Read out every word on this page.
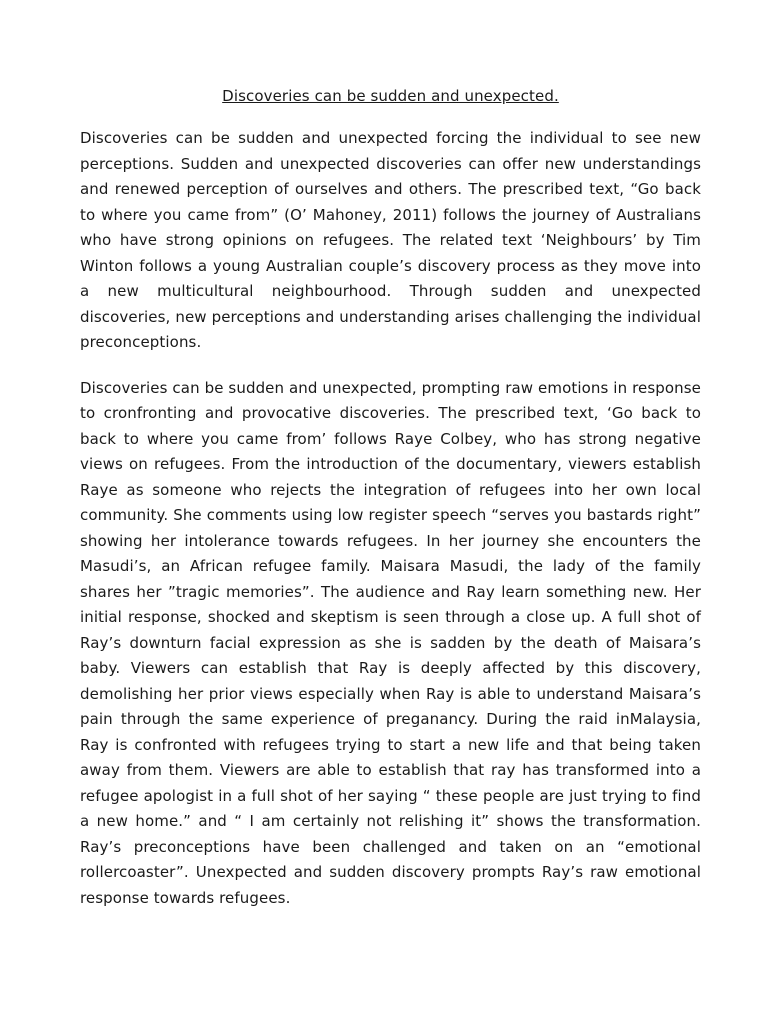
Discoveries can be sudden and unexpected.

Discoveries can be sudden and unexpected forcing the individual to see new perceptions. Sudden and unexpected discoveries can offer new understandings and renewed perception of ourselves and others. The prescribed text, “Go back to where you came from” (O’ Mahoney, 2011) follows the journey of Australians who have strong opinions on refugees. The related text ‘Neighbours’ by Tim Winton follows a young Australian couple’s discovery process as they move into a new multicultural neighbourhood. Through sudden and unexpected discoveries, new perceptions and understanding arises challenging the individual preconceptions.

Discoveries can be sudden and unexpected, prompting raw emotions in response to cronfronting and provocative discoveries. The prescribed text, ‘Go back to back to where you came from’ follows Raye Colbey, who has strong negative views on refugees. From the introduction of the documentary, viewers establish Raye as someone who rejects the integration of refugees into her own local community. She comments using low register speech “serves you bastards right” showing her intolerance towards refugees. In her journey she encounters the Masudi’s, an African refugee family. Maisara Masudi, the lady of the family shares her ”tragic memories”. The audience and Ray learn something new. Her initial response, shocked and skeptism is seen through a close up. A full shot of Ray’s downturn facial expression as she is sadden by the death of Maisara’s baby. Viewers can establish that Ray is deeply affected by this discovery, demolishing her prior views especially when Ray is able to understand Maisara’s pain through the same experience of preganancy. During the raid inMalaysia, Ray is confronted with refugees trying to start a new life and that being taken away from them. Viewers are able to establish that ray has transformed into a refugee apologist in a full shot of her saying “ these people are just trying to find a new home.” and “ I am certainly not relishing it” shows the transformation. Ray’s preconceptions have been challenged and taken on an “emotional rollercoaster”. Unexpected and sudden discovery prompts Ray’s raw emotional response towards refugees.
